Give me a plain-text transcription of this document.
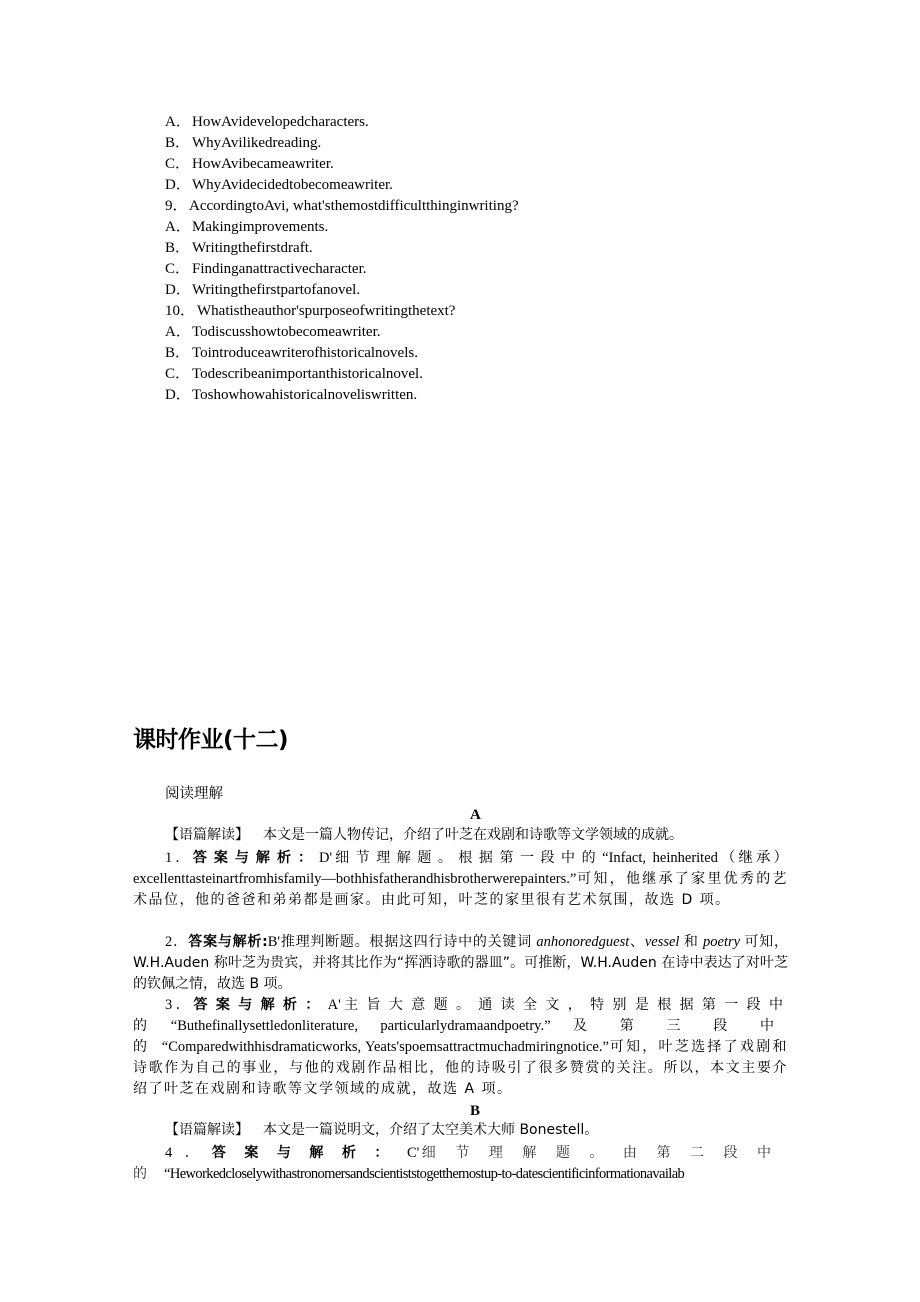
A．HowAvidevelopedcharacters.
B． WhyAvilikedreading.
C． HowAvibecameawriter.
D．WhyAvidecidedtobecomeawriter.
9．AccordingtoAvi, what'sthemostdifficultthinginwriting?
A．Makingimprovements.
B． Writingthefirstdraft.
C． Findinganattractivecharacter.
D．Writingthefirstpartofanovel.
10． Whatistheauthor'spurposeofwritingthetext?
A．Todiscusshowtobecomeawriter.
B． Tointroduceawriterofhistoricalnovels.
C． Todescribeanimportanthistoricalnovel.
D．Toshowhowahistoricalnoveliswritten.
课时作业(十二)
阅读理解
A
【语篇解读】 本文是一篇人物传记，介绍了叶芝在戏剧和诗歌等文学领域的成就。
1．答案与解析：D'细节理解题。根据第一段中的“Infact, heinherited（继承）excellenttasteinartfromhisfamily—bothhisfatherandhisbrotherwerepainters.”可知，他继承了家里优秀的艺术品位，他的爸爸和弟弟都是画家。由此可知，叶芝的家里很有艺术氛围，故选 D 项。
2．答案与解析:B'推理判断题。根据这四行诗中的关键词 anhonoredguest、vessel 和 poetry 可知，W.H.Auden 称叶芝为贵宾，并将其比作为“挥洒诗歌的器皿”。可推断，W.H.Auden 在诗中表达了对叶芝的钦佩之情，故选 B 项。
3．答案与解析：A'主旨大意题。通读全文，特别是根据第一段中的“Buthefinallysettledonliterature, particularlydramaandpoetry.” 及第三段中的“Comparedwithhisdramaticworks, Yeats'spoemsattractmuchadmiringnotice.”可知，叶芝选择了戏剧和诗歌作为自己的事业，与他的戏剧作品相比，他的诗吸引了很多赞赏的关注。所以，本文主要介绍了叶芝在戏剧和诗歌等文学领域的成就，故选 A 项。
B
【语篇解读】 本文是一篇说明文，介绍了太空美术大师 Bonestell。
4．答案与解析：C'细节理解题。由第二段中的“Heworkedcloselywithastronomersandscientiststogetthemostup-to-datescientificinformationavailab
